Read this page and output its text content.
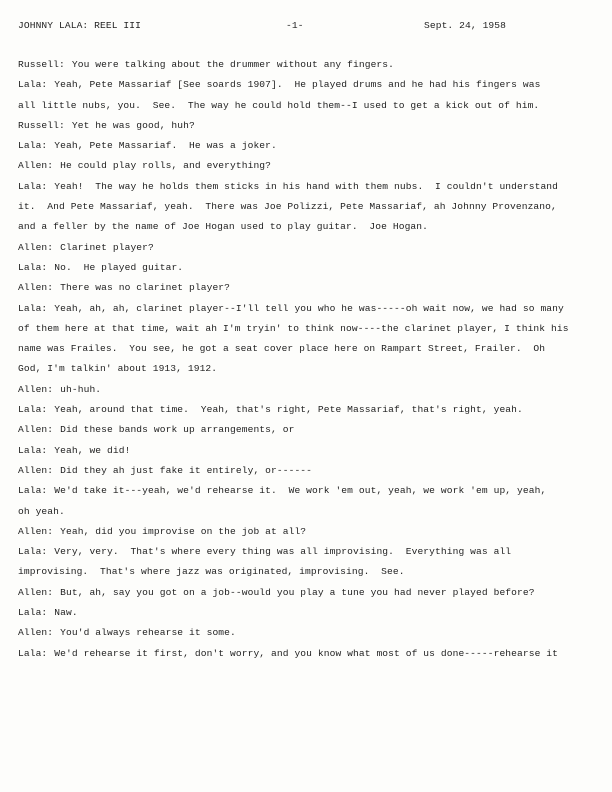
JOHNNY LALA: REEL III	-1-	Sept. 24, 1958
Russell: You were talking about the drummer without any fingers.
Lala: Yeah, Pete Massariaf [See soards 1907].  He played drums and he had his fingers was
all little nubs, you.  See.  The way he could hold them--I used to get a kick out of him.
Russell: Yet he was good, huh?
Lala: Yeah, Pete Massariaf.  He was a joker.
Allen: He could play rolls, and everything?
Lala: Yeah!  The way he holds them sticks in his hand with them nubs.  I couldn't understand
it.  And Pete Massariaf, yeah.  There was Joe Polizzi, Pete Massariaf, ah Johnny Provenzano,
and a feller by the name of Joe Hogan used to play guitar.  Joe Hogan.
Allen: Clarinet player?
Lala: No.  He played guitar.
Allen: There was no clarinet player?
Lala: Yeah, ah, ah, clarinet player--I'll tell you who he was-----oh wait now, we had so many
of them here at that time, wait ah I'm tryin' to think now----the clarinet player, I think his
name was Frailes.  You see, he got a seat cover place here on Rampart Street, Frailer.  Oh
God, I'm talkin' about 1913, 1912.
Allen: uh-huh.
Lala: Yeah, around that time.  Yeah, that's right, Pete Massariaf, that's right, yeah.
Allen: Did these bands work up arrangements, or
Lala: Yeah, we did!
Allen: Did they ah just fake it entirely, or------
Lala: We'd take it---yeah, we'd rehearse it.  We work 'em out, yeah, we work 'em up, yeah,
oh yeah.
Allen: Yeah, did you improvise on the job at all?
Lala: Very, very.  That's where every thing was all improvising.  Everything was all
improvising.  That's where jazz was originated, improvising.  See.
Allen: But, ah, say you got on a job--would you play a tune you had never played before?
Lala: Naw.
Allen: You'd always rehearse it some.
Lala: We'd rehearse it first, don't worry, and you know what most of us done-----rehearse it
